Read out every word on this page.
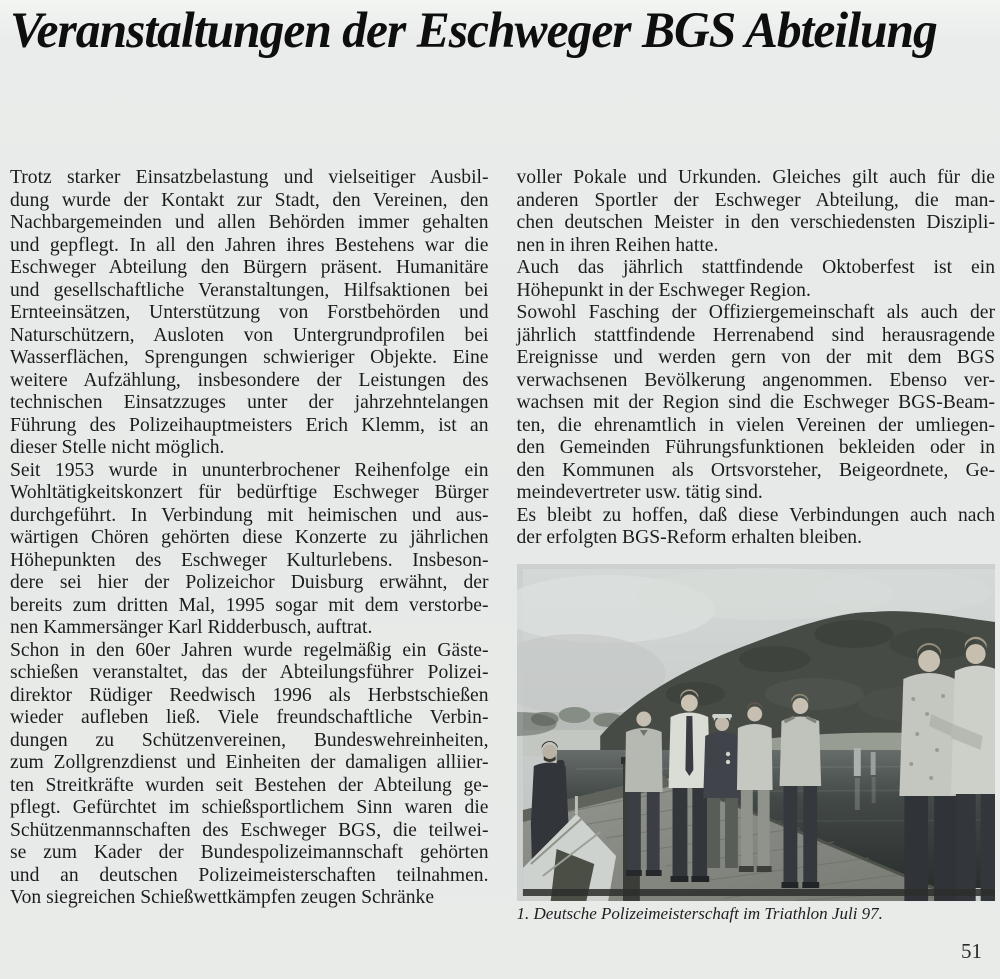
Veranstaltungen der Eschweger BGS Abteilung
Trotz starker Einsatzbelastung und vielseitiger Ausbil-
dung wurde der Kontakt zur Stadt, den Vereinen, den
Nachbargemeinden und allen Behörden immer gehalten
und gepflegt. In all den Jahren ihres Bestehens war die
Eschweger Abteilung den Bürgern präsent. Humanitäre
und gesellschaftliche Veranstaltungen, Hilfsaktionen bei
Ernteeinsätzen, Unterstützung von Forstbehörden und
Naturschützern, Ausloten von Untergrundprofilen bei
Wasserflächen, Sprengungen schwieriger Objekte. Eine
weitere Aufzählung, insbesondere der Leistungen des
technischen Einsatzzuges unter der jahrzehntelangen
Führung des Polizeihauptmeisters Erich Klemm, ist an
dieser Stelle nicht möglich.
Seit 1953 wurde in ununterbrochener Reihenfolge ein
Wohltätigkeitskonzert für bedürftige Eschweger Bürger
durchgeführt. In Verbindung mit heimischen und aus-
wärtigen Chören gehörten diese Konzerte zu jährlichen
Höhepunkten des Eschweger Kulturlebens. Insbeson-
dere sei hier der Polizeichor Duisburg erwähnt, der
bereits zum dritten Mal, 1995 sogar mit dem verstorbe-
nen Kammersänger Karl Ridderbusch, auftrat.
Schon in den 60er Jahren wurde regelmäßig ein Gäste-
schießen veranstaltet, das der Abteilungsführer Polizei-
direktor Rüdiger Reedwisch 1996 als Herbstschießen
wieder aufleben ließ. Viele freundschaftliche Verbin-
dungen zu Schützenvereinen, Bundeswehreinheiten,
zum Zollgrenzdienst und Einheiten der damaligen alliier-
ten Streitkräfte wurden seit Bestehen der Abteilung ge-
pflegt. Gefürchtet im schießsportlichem Sinn waren die
Schützenmannschaften des Eschweger BGS, die teilwei-
se zum Kader der Bundespolizeimannschaft gehörten
und an deutschen Polizeimeisterschaften teilnahmen.
Von siegreichen Schießwettkämpfen zeugen Schränke
voller Pokale und Urkunden. Gleiches gilt auch für die
anderen Sportler der Eschweger Abteilung, die man-
chen deutschen Meister in den verschiedensten Diszipli-
nen in ihren Reihen hatte.
Auch das jährlich stattfindende Oktoberfest ist ein
Höhepunkt in der Eschweger Region.
Sowohl Fasching der Offiziergemeinschaft als auch der
jährlich stattfindende Herrenabend sind herausragende
Ereignisse und werden gern von der mit dem BGS
verwachsenen Bevölkerung angenommen. Ebenso ver-
wachsen mit der Region sind die Eschweger BGS-Beam-
ten, die ehrenamtlich in vielen Vereinen der umliegen-
den Gemeinden Führungsfunktionen bekleiden oder in
den Kommunen als Ortsvorsteher, Beigeordnete, Ge-
meindevertreter usw. tätig sind.
Es bleibt zu hoffen, daß diese Verbindungen auch nach
der erfolgten BGS-Reform erhalten bleiben.
1. Deutsche Polizeimeisterschaft im Triathlon Juli 97.
51
